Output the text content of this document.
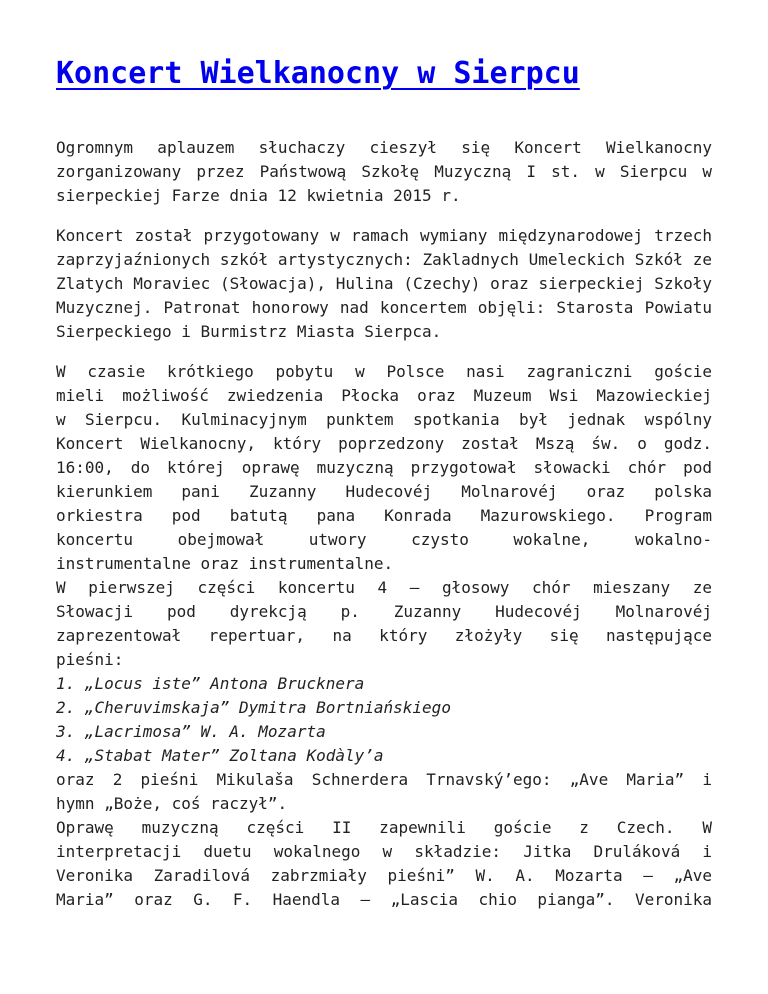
Koncert Wielkanocny w Sierpcu

Ogromnym aplauzem słuchaczy cieszył się Koncert Wielkanocny zorganizowany przez Państwową Szkołę Muzyczną I st. w Sierpcu w sierpeckiej Farze dnia 12 kwietnia 2015 r.

Koncert został przygotowany w ramach wymiany międzynarodowej trzech zaprzyjaźnionych szkół artystycznych: Zakladnych Umeleckich Szkół ze Zlatych Moraviec (Słowacja), Hulina (Czechy) oraz sierpeckiej Szkoły Muzycznej. Patronat honorowy nad koncertem objęli: Starosta Powiatu Sierpeckiego i Burmistrz Miasta Sierpca.

W czasie krótkiego pobytu w Polsce nasi zagraniczni goście
mieli możliwość zwiedzenia Płocka oraz Muzeum Wsi Mazowieckiej
w Sierpcu. Kulminacyjnym punktem spotkania był jednak wspólny
Koncert Wielkanocny, który poprzedzony został Mszą św. o godz.
16:00, do której oprawę muzyczną przygotował słowacki chór pod
kierunkiem pani Zuzanny Hudecovéj Molnarovéj oraz polska
orkiestra pod batutą pana Konrada Mazurowskiego. Program
koncertu obejmował utwory czysto wokalne, wokalno-
instrumentalne oraz instrumentalne.
W pierwszej części koncertu 4 – głosowy chór mieszany ze
Słowacji pod dyrekcją p. Zuzanny Hudecovéj Molnarovéj
zaprezentował repertuar, na który złożyły się następujące
pieśni:
1. „Locus iste” Antona Brucknera
2. „Cheruvimskaja” Dymitra Bortniańskiego
3. „Lacrimosa” W. A. Mozarta
4. „Stabat Mater” Zoltana Kodàly’a
oraz 2 pieśni Mikulaša Schnerdera Trnavský’ego: „Ave Maria” i
hymn „Boże, coś raczył”.
Oprawę muzyczną części II zapewnili goście z Czech. W
interpretacji duetu wokalnego w składzie: Jitka Druláková i
Veronika Zaradilová zabrzmiały pieśni” W. A. Mozarta – „Ave
Maria” oraz G. F. Haendla – „Lascia chio pianga”. Veronika
